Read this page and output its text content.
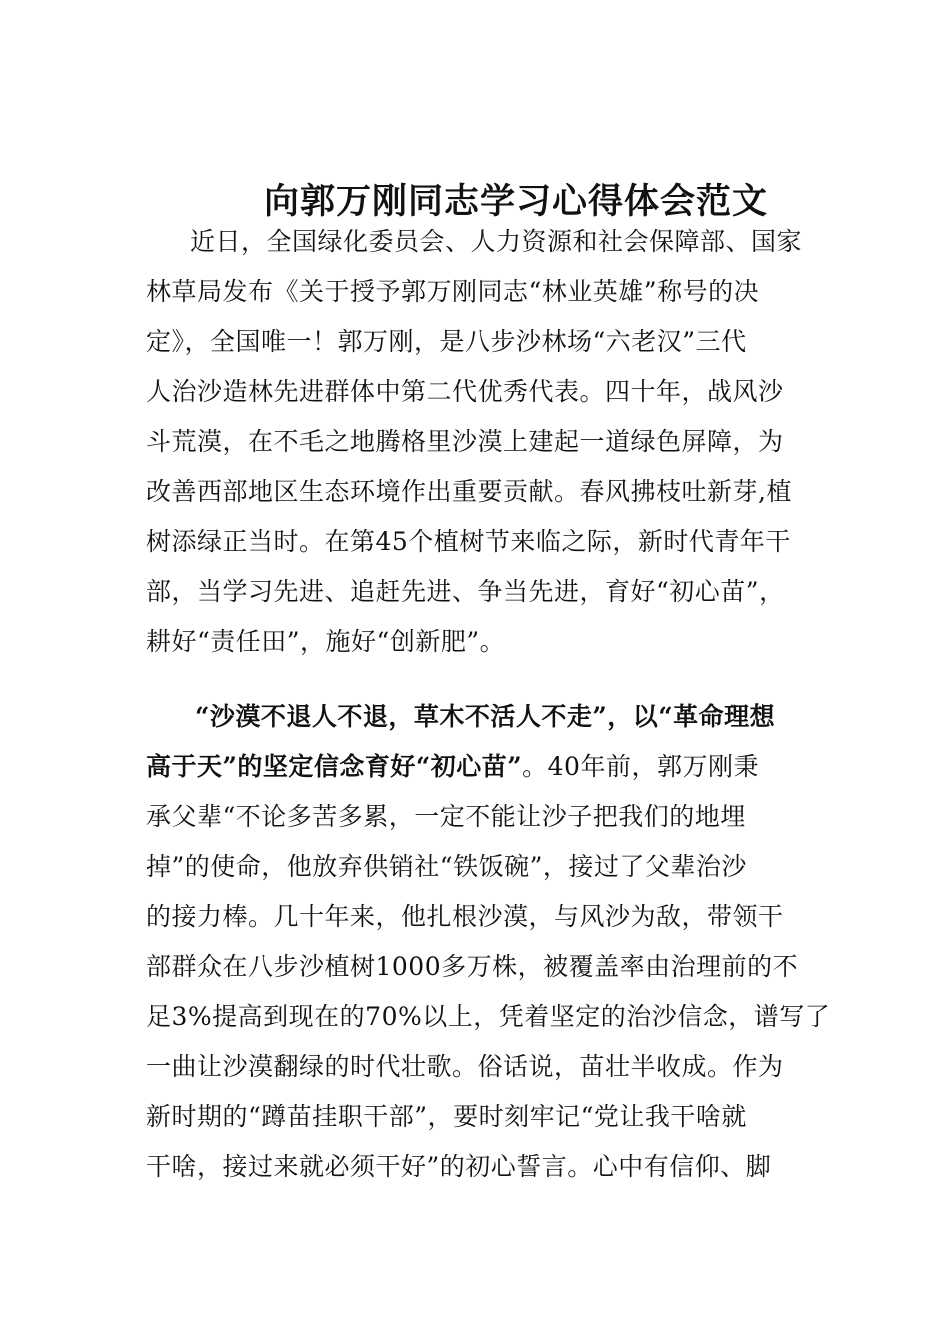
向郭万刚同志学习心得体会范文
近日，全国绿化委员会、人力资源和社会保障部、国家
林草局发布《关于授予郭万刚同志“林业英雄”称号的决
定》，全国唯一！郭万刚，是八步沙林场“六老汉”三代
人治沙造林先进群体中第二代优秀代表。四十年，战风沙
斗荒漠，在不毛之地腾格里沙漠上建起一道绿色屏障，为
改善西部地区生态环境作出重要贡献。春风拂枝吐新芽,植
树添绿正当时。在第45个植树节来临之际，新时代青年干
部，当学习先进、追赶先进、争当先进，育好“初心苗”，
耕好“责任田”，施好“创新肥”。
“沙漠不退人不退，草木不活人不走”，以“革命理想
高于天”的坚定信念育好“初心苗”。40年前，郭万刚秉
承父辈“不论多苦多累，一定不能让沙子把我们的地埋
掉”的使命，他放弃供销社“铁饭碗”，接过了父辈治沙
的接力棒。几十年来，他扎根沙漠，与风沙为敌，带领干
部群众在八步沙植树1000多万株，被覆盖率由治理前的不
足3%提高到现在的70%以上，凭着坚定的治沙信念，谱写了
一曲让沙漠翻绿的时代壮歌。俗话说，苗壮半收成。作为
新时期的“蹲苗挂职干部”，要时刻牢记“党让我干啥就
干啥，接过来就必须干好”的初心誓言。心中有信仰、脚
